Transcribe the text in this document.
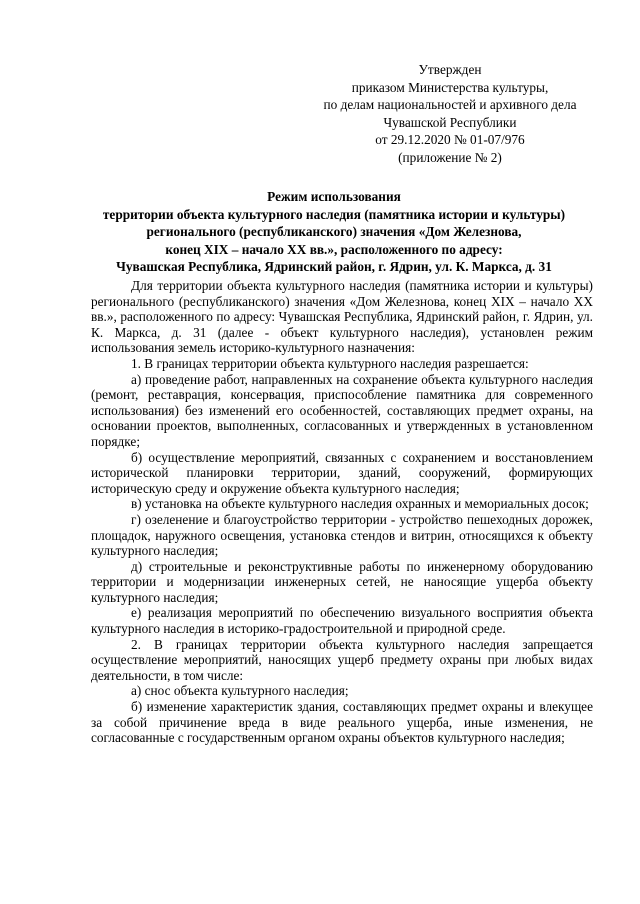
Утвержден
приказом Министерства культуры,
по делам национальностей и архивного дела
Чувашской Республики
от 29.12.2020 № 01-07/976
(приложение № 2)
Режим использования
территории объекта культурного наследия (памятника истории и культуры)
регионального (республиканского) значения «Дом Железнова,
конец XIX – начало XX вв.», расположенного по адресу:
Чувашская Республика, Ядринский район, г. Ядрин, ул. К. Маркса, д. 31

Для территории объекта культурного наследия (памятника истории и культуры) регионального (республиканского) значения «Дом Железнова, конец XIX – начало XX вв.», расположенного по адресу: Чувашская Республика, Ядринский район, г. Ядрин, ул. К. Маркса, д. 31 (далее - объект культурного наследия), установлен режим использования земель историко-культурного назначения:

1. В границах территории объекта культурного наследия разрешается:

а) проведение работ, направленных на сохранение объекта культурного наследия (ремонт, реставрация, консервация, приспособление памятника для современного использования) без изменений его особенностей, составляющих предмет охраны, на основании проектов, выполненных, согласованных и утвержденных в установленном порядке;

б) осуществление мероприятий, связанных с сохранением и восстановлением исторической планировки территории, зданий, сооружений, формирующих историческую среду и окружение объекта культурного наследия;

в) установка на объекте культурного наследия охранных и мемориальных досок;

г) озеленение и благоустройство территории - устройство пешеходных дорожек, площадок, наружного освещения, установка стендов и витрин, относящихся к объекту культурного наследия;

д) строительные и реконструктивные работы по инженерному оборудованию территории и модернизации инженерных сетей, не наносящие ущерба объекту культурного наследия;

е) реализация мероприятий по обеспечению визуального восприятия объекта культурного наследия в историко-градостроительной и природной среде.

2. В границах территории объекта культурного наследия запрещается осуществление мероприятий, наносящих ущерб предмету охраны при любых видах деятельности, в том числе:

а) снос объекта культурного наследия;

б) изменение характеристик здания, составляющих предмет охраны и влекущее за собой причинение вреда в виде реального ущерба, иные изменения, не согласованные с государственным органом охраны объектов культурного наследия;
